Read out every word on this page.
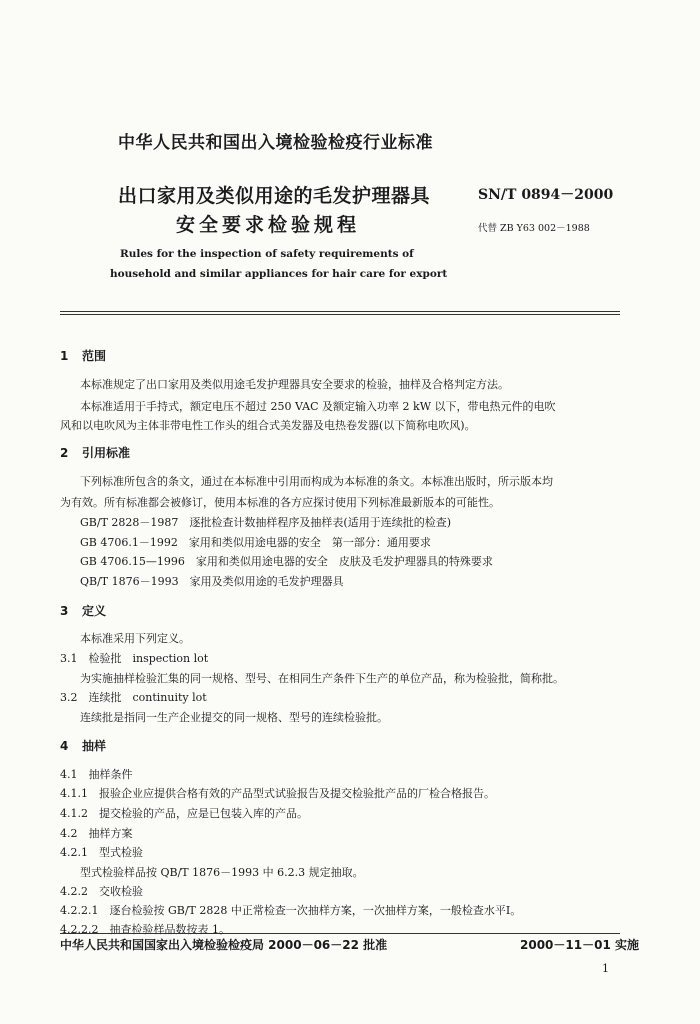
中华人民共和国出入境检验检疫行业标准
出口家用及类似用途的毛发护理器具
安全要求检验规程
SN/T 0894－2000
代替 ZB Y63 002－1988
Rules for the inspection of safety requirements of
household and similar appliances for hair care for export
1 范围
本标准规定了出口家用及类似用途毛发护理器具安全要求的检验，抽样及合格判定方法。
本标准适用于手持式，额定电压不超过 250 VAC 及额定输入功率 2 kW 以下，带电热元件的电吹
风和以电吹风为主体非带电性工作头的组合式美发器及电热卷发器(以下简称电吹风)。
2 引用标准
下列标准所包含的条文，通过在本标准中引用而构成为本标准的条文。本标准出版时，所示版本均
为有效。所有标准都会被修订，使用本标准的各方应探讨使用下列标准最新版本的可能性。
GB/T 2828－1987　逐批检查计数抽样程序及抽样表(适用于连续批的检查)
GB 4706.1－1992　家用和类似用途电器的安全　第一部分：通用要求
GB 4706.15—1996　家用和类似用途电器的安全　皮肤及毛发护理器具的特殊要求
QB/T 1876－1993　家用及类似用途的毛发护理器具
3 定义
本标准采用下列定义。
3.1　检验批　inspection lot
为实施抽样检验汇集的同一规格、型号、在相同生产条件下生产的单位产品，称为检验批，简称批。
3.2　连续批　continuity lot
连续批是指同一生产企业提交的同一规格、型号的连续检验批。
4 抽样
4.1　抽样条件
4.1.1　报验企业应提供合格有效的产品型式试验报告及提交检验批产品的厂检合格报告。
4.1.2　提交检验的产品，应是已包装入库的产品。
4.2　抽样方案
4.2.1　型式检验
型式检验样品按 QB/T 1876－1993 中 6.2.3 规定抽取。
4.2.2　交收检验
4.2.2.1　逐台检验按 GB/T 2828 中正常检查一次抽样方案，一次抽样方案，一般检查水平Ⅰ。
4.2.2.2　抽查检验样品数按表 1。
中华人民共和国国家出入境检验检疫局 2000－06－22 批准	2000－11－01 实施
1
